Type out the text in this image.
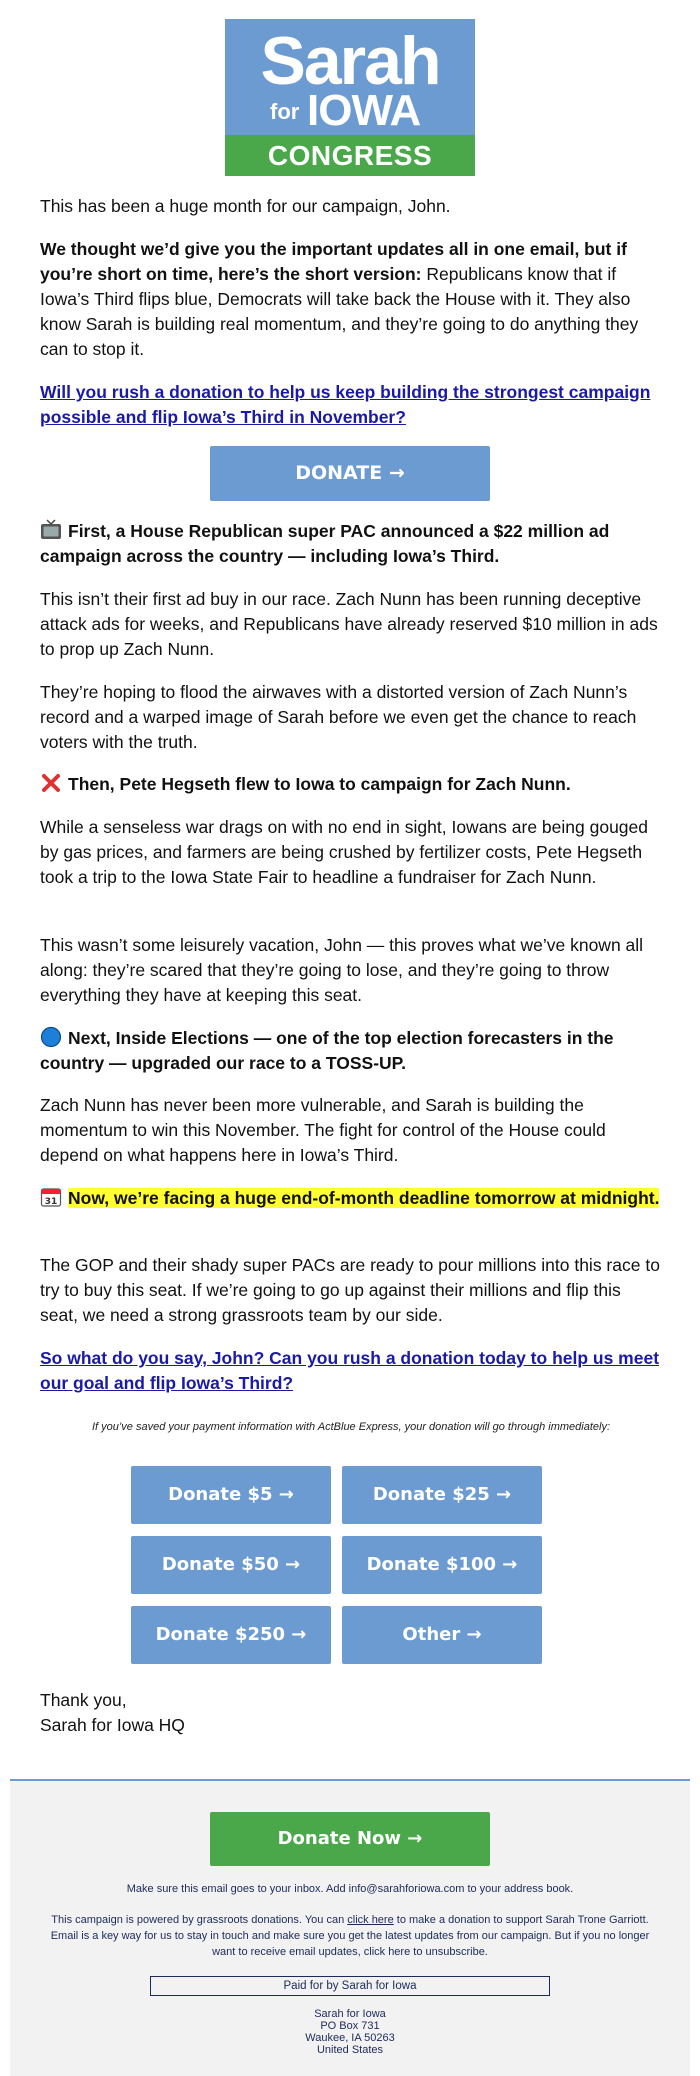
Sarah
for IOWA
CONGRESS

This has been a huge month for our campaign, John.

We thought we’d give you the important updates all in one email, but if you’re short on time, here’s the short version: Republicans know that if Iowa’s Third flips blue, Democrats will take back the House with it. They also know Sarah is building real momentum, and they’re going to do anything they can to stop it.

Will you rush a donation to help us keep building the strongest campaign possible and flip Iowa’s Third in November?

DONATE →

First, a House Republican super PAC announced a $22 million ad campaign across the country — including Iowa’s Third.

This isn’t their first ad buy in our race. Zach Nunn has been running deceptive attack ads for weeks, and Republicans have already reserved $10 million in ads to prop up Zach Nunn.

They’re hoping to flood the airwaves with a distorted version of Zach Nunn’s record and a warped image of Sarah before we even get the chance to reach voters with the truth.

Then, Pete Hegseth flew to Iowa to campaign for Zach Nunn.

While a senseless war drags on with no end in sight, Iowans are being gouged by gas prices, and farmers are being crushed by fertilizer costs, Pete Hegseth took a trip to the Iowa State Fair to headline a fundraiser for Zach Nunn.

This wasn’t some leisurely vacation, John — this proves what we’ve known all along: they’re scared that they’re going to lose, and they’re going to throw everything they have at keeping this seat.

Next, Inside Elections — one of the top election forecasters in the country — upgraded our race to a TOSS-UP.

Zach Nunn has never been more vulnerable, and Sarah is building the momentum to win this November. The fight for control of the House could depend on what happens here in Iowa’s Third.

31 Now, we’re facing a huge end-of-month deadline tomorrow at midnight.

The GOP and their shady super PACs are ready to pour millions into this race to try to buy this seat. If we’re going to go up against their millions and flip this seat, we need a strong grassroots team by our side.

So what do you say, John? Can you rush a donation today to help us meet our goal and flip Iowa’s Third?

If you’ve saved your payment information with ActBlue Express, your donation will go through immediately:
Donate $5 →	Donate $25 →
Donate $50 →	Donate $100 →
Donate $250 →	Other →

Thank you,

Sarah for Iowa HQ

Donate Now →
Make sure this email goes to your inbox. Add info@sarahforiowa.com to your address book.
This campaign is powered by grassroots donations. You can click here to make a donation to support Sarah Trone Garriott. Email is a key way for us to stay in touch and make sure you get the latest updates from our campaign. But if you no longer want to receive email updates, click here to unsubscribe.
Paid for by Sarah for Iowa
Sarah for Iowa
PO Box 731
Waukee, IA 50263
United States
